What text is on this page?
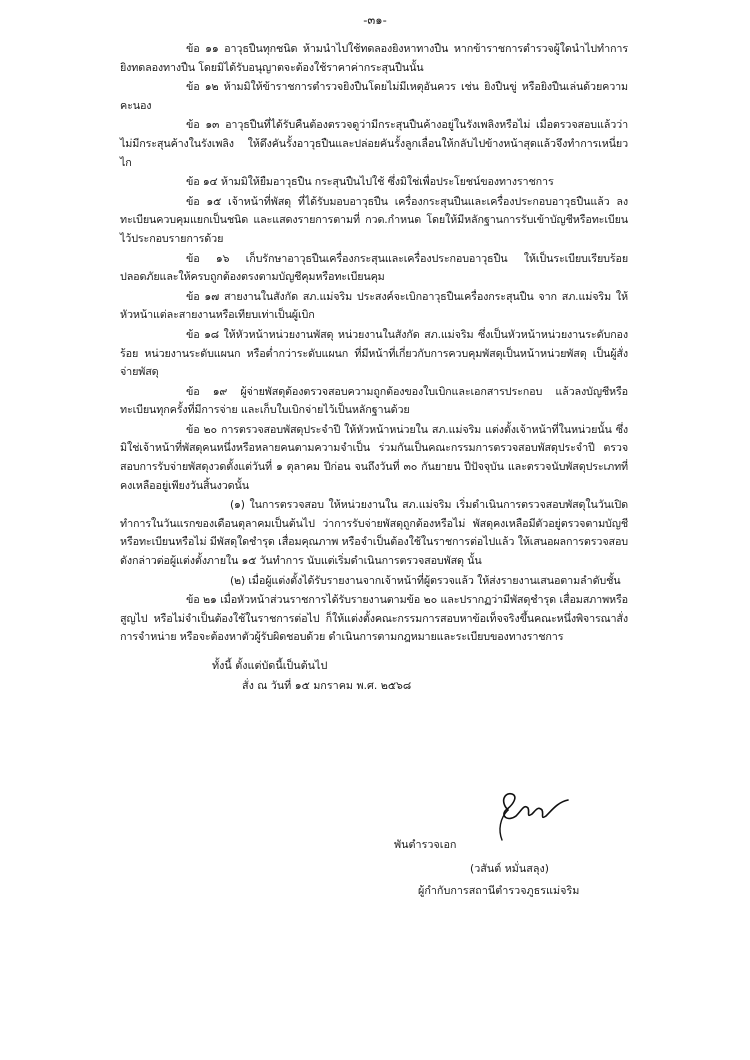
-๓๑-

ข้อ ๑๑ อาวุธปืนทุกชนิด ห้ามนำไปใช้ทดลองยิงหาทางปืน หากข้าราชการตำรวจผู้ใดนำไปทำการยิงทดลองทางปืน โดยมิได้รับอนุญาตจะต้องใช้ราคาค่ากระสุนปืนนั้น

ข้อ ๑๒ ห้ามมิให้ข้าราชการตำรวจยิงปืนโดยไม่มีเหตุอันควร เช่น ยิงปืนขู่ หรือยิงปืนเล่นด้วยความคะนอง

ข้อ ๑๓ อาวุธปืนที่ได้รับคืนต้องตรวจดูว่ามีกระสุนปืนค้างอยู่ในรังเพลิงหรือไม่ เมื่อตรวจสอบแล้วว่าไม่มีกระสุนค้างในรังเพลิง ให้ดึงคันรั้งอาวุธปืนและปล่อยคันรั้งลูกเลื่อนให้กลับไปข้างหน้าสุดแล้วจึงทำการเหนี่ยวไก

ข้อ ๑๔ ห้ามมิให้ยืมอาวุธปืน กระสุนปืนไปใช้ ซึ่งมิใช่เพื่อประโยชน์ของทางราชการ

ข้อ ๑๕ เจ้าหน้าที่พัสดุ ที่ได้รับมอบอาวุธปืน เครื่องกระสุนปืนและเครื่องประกอบอาวุธปืนแล้ว ลงทะเบียนควบคุมแยกเป็นชนิด และแสดงรายการตามที่ กวด.กำหนด โดยให้มีหลักฐานการรับเข้าบัญชีหรือทะเบียนไว้ประกอบรายการด้วย

ข้อ ๑๖ เก็บรักษาอาวุธปืนเครื่องกระสุนและเครื่องประกอบอาวุธปืน ให้เป็นระเบียบเรียบร้อย ปลอดภัยและให้ครบถูกต้องตรงตามบัญชีคุมหรือทะเบียนคุม

ข้อ ๑๗ สายงานในสังกัด สภ.แม่จริม ประสงค์จะเบิกอาวุธปืนเครื่องกระสุนปืน จาก สภ.แม่จริม ให้หัวหน้าแต่ละสายงานหรือเทียบเท่าเป็นผู้เบิก

ข้อ ๑๘ ให้หัวหน้าหน่วยงานพัสดุ หน่วยงานในสังกัด สภ.แม่จริม ซึ่งเป็นหัวหน้าหน่วยงานระดับกองร้อย หน่วยงานระดับแผนก หรือต่ำกว่าระดับแผนก ที่มีหน้าที่เกี่ยวกับการควบคุมพัสดุเป็นหน้าหน่วยพัสดุ เป็นผู้สั่งจ่ายพัสดุ

ข้อ ๑๙ ผู้จ่ายพัสดุต้องตรวจสอบความถูกต้องของใบเบิกและเอกสารประกอบ แล้วลงบัญชีหรือทะเบียนทุกครั้งที่มีการจ่าย และเก็บใบเบิกจ่ายไว้เป็นหลักฐานด้วย

ข้อ ๒๐ การตรวจสอบพัสดุประจำปี ให้หัวหน้าหน่วยใน สภ.แม่จริม แต่งตั้งเจ้าหน้าที่ในหน่วยนั้น ซึ่งมิใช่เจ้าหน้าที่พัสดุคนหนึ่งหรือหลายคนตามความจำเป็น ร่วมกันเป็นคณะกรรมการตรวจสอบพัสดุประจำปี ตรวจสอบการรับจ่ายพัสดุงวดตั้งแต่วันที่ ๑ ตุลาคม ปีก่อน จนถึงวันที่ ๓๐ กันยายน ปีปัจจุบัน และตรวจนับพัสดุประเภทที่คงเหลืออยู่เพียงวันสิ้นงวดนั้น

(๑) ในการตรวจสอบ ให้หน่วยงานใน สภ.แม่จริม เริ่มดำเนินการตรวจสอบพัสดุในวันเปิดทำการในวันแรกของเดือนตุลาคมเป็นต้นไป ว่าการรับจ่ายพัสดุถูกต้องหรือไม่ พัสดุคงเหลือมีตัวอยู่ตรวจตามบัญชีหรือทะเบียนหรือไม่ มีพัสดุใดชำรุด เสื่อมคุณภาพ หรือจำเป็นต้องใช้ในราชการต่อไปแล้ว ให้เสนอผลการตรวจสอบดังกล่าวต่อผู้แต่งตั้งภายใน ๑๕ วันทำการ นับแต่เริ่มดำเนินการตรวจสอบพัสดุ นั้น

(๒) เมื่อผู้แต่งตั้งได้รับรายงานจากเจ้าหน้าที่ผู้ตรวจแล้ว ให้ส่งรายงานเสนอตามลำดับชั้น

ข้อ ๒๑ เมื่อหัวหน้าส่วนราชการได้รับรายงานตามข้อ ๒๐ และปรากฏว่ามีพัสดุชำรุด เสื่อมสภาพหรือสูญไป หรือไม่จำเป็นต้องใช้ในราชการต่อไป ก็ให้แต่งตั้งคณะกรรมการสอบหาข้อเท็จจริงขึ้นคณะหนึ่งพิจารณาสั่งการจำหน่าย หรือจะต้องหาตัวผู้รับผิดชอบด้วย ดำเนินการตามกฎหมายและระเบียบของทางราชการ

ทั้งนี้ ตั้งแต่บัดนี้เป็นต้นไป

สั่ง ณ วันที่ ๑๕ มกราคม พ.ศ. ๒๕๖๘

พันตำรวจเอก
(วสันต์ หมั่นสลุง)
ผู้กำกับการสถานีตำรวจภูธรแม่จริม
